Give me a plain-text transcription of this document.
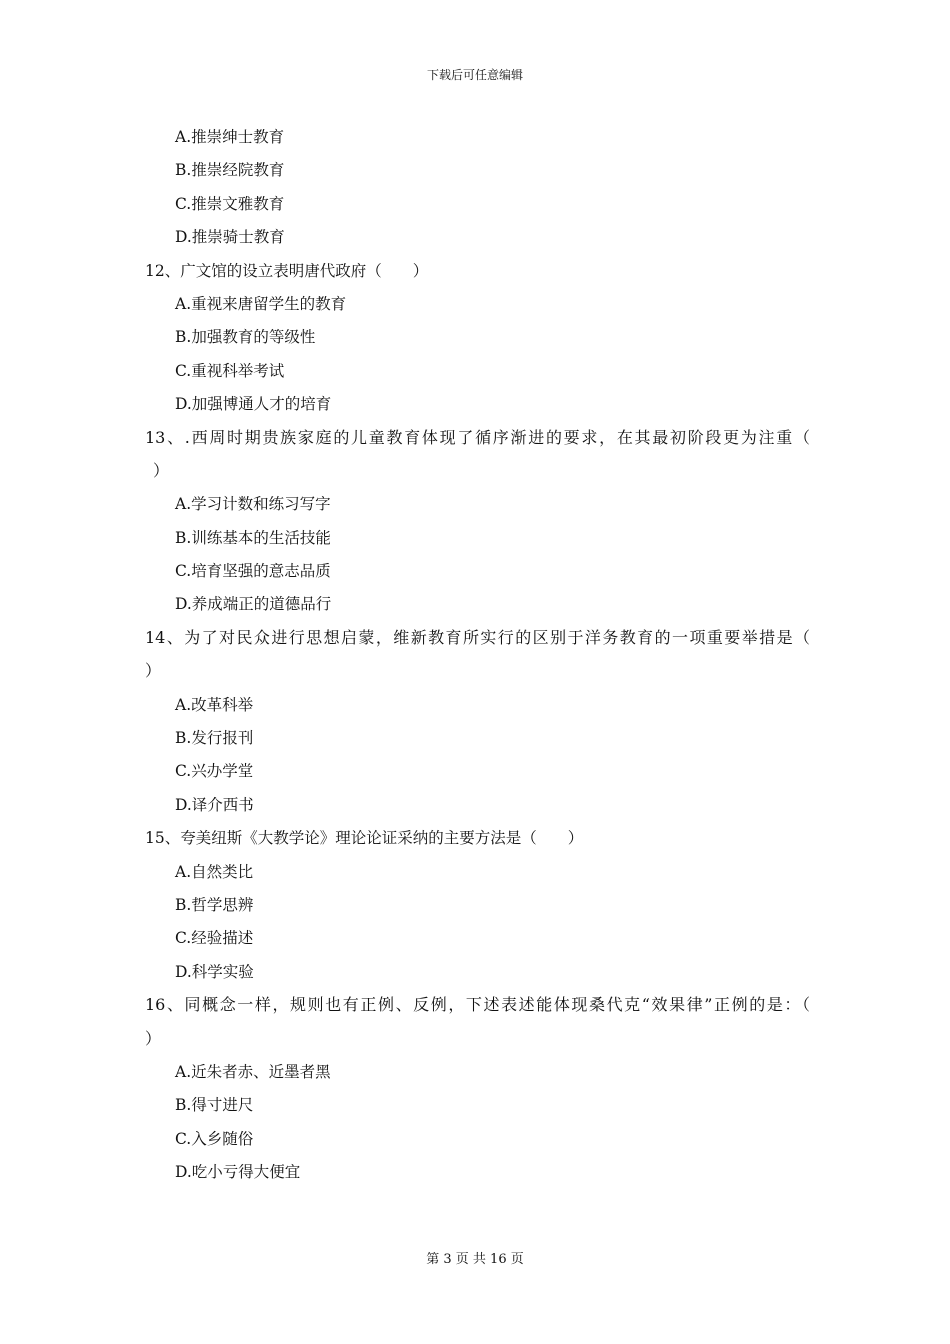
下载后可任意编辑
A.推崇绅士教育
B.推崇经院教育
C.推崇文雅教育
D.推崇骑士教育
12、广文馆的设立表明唐代政府（　　）
A.重视来唐留学生的教育
B.加强教育的等级性
C.重视科举考试
D.加强博通人才的培育
13、.西周时期贵族家庭的儿童教育体现了循序渐进的要求，在其最初阶段更为注重（
）
A.学习计数和练习写字
B.训练基本的生活技能
C.培育坚强的意志品质
D.养成端正的道德品行
14、为了对民众进行思想启蒙，维新教育所实行的区别于洋务教育的一项重要举措是（
）
A.改革科举
B.发行报刊
C.兴办学堂
D.译介西书
15、夸美纽斯《大教学论》理论论证采纳的主要方法是（　　）
A.自然类比
B.哲学思辨
C.经验描述
D.科学实验
16、同概念一样，规则也有正例、反例，下述表述能体现桑代克“效果律”正例的是：（
）
A.近朱者赤、近墨者黑
B.得寸进尺
C.入乡随俗
D.吃小亏得大便宜
第 3 页 共 16 页
